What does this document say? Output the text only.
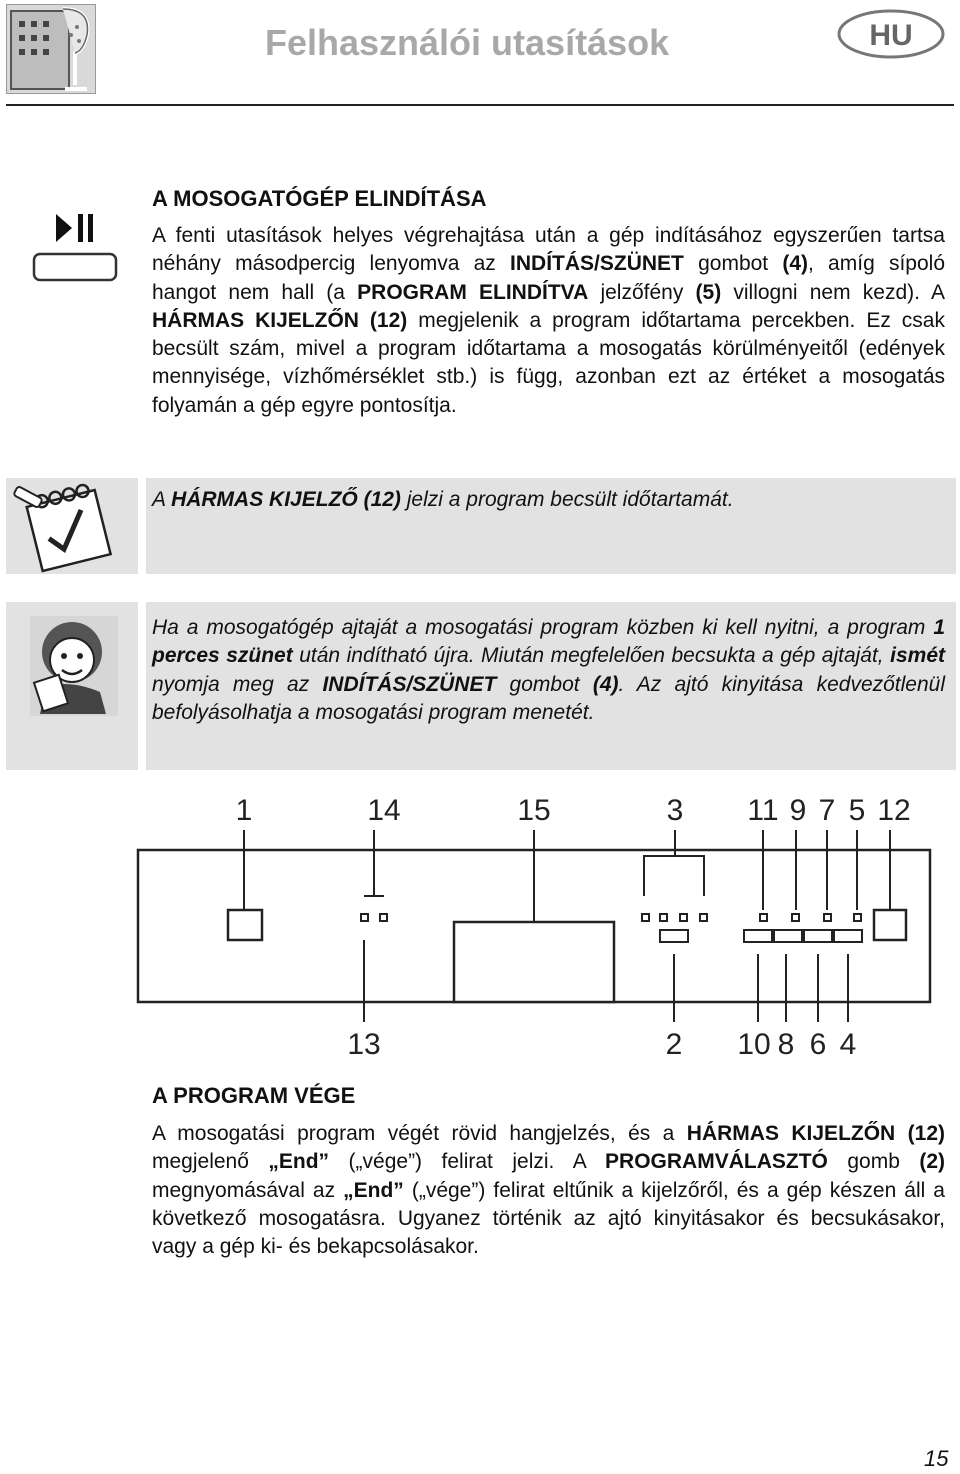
Felhasználói utasítások	HU
A MOSOGATÓGÉP ELINDÍTÁSA
A fenti utasítások helyes végrehajtása után a gép indításához egyszerűen tartsa néhány másodpercig lenyomva az INDÍTÁS/SZÜNET gombot (4), amíg sípoló hangot nem hall (a PROGRAM ELINDÍTVA jelzőfény (5) villogni nem kezd). A HÁRMAS KIJELZŐN (12) megjelenik a program időtartama percekben. Ez csak becsült szám, mivel a program időtartama a mosogatás körülményeitől (edények mennyisége, vízhőmérséklet stb.) is függ, azonban ezt az értéket a mosogatás folyamán a gép egyre pontosítja.
A HÁRMAS KIJELZŐ (12) jelzi a program becsült időtartamát.
Ha a mosogatógép ajtaját a mosogatási program közben ki kell nyitni, a program 1 perces szünet után indítható újra. Miután megfelelően becsukta a gép ajtaját, ismét nyomja meg az INDÍTÁS/SZÜNET gombot (4). Az ajtó kinyitása kedvezőtlenül befolyásolhatja a mosogatási program menetét.
1	14	15	3 11 9 7 5 12
13	2 10 8 6 4
A PROGRAM VÉGE
A mosogatási program végét rövid hangjelzés, és a HÁRMAS KIJELZŐN (12) megjelenő „End” („vége”) felirat jelzi. A PROGRAMVÁLASZTÓ gomb (2) megnyomásával az „End” („vége”) felirat eltűnik a kijelzőről, és a gép készen áll a következő mosogatásra. Ugyanez történik az ajtó kinyitásakor és becsukásakor, vagy a gép ki- és bekapcsolásakor.
15
